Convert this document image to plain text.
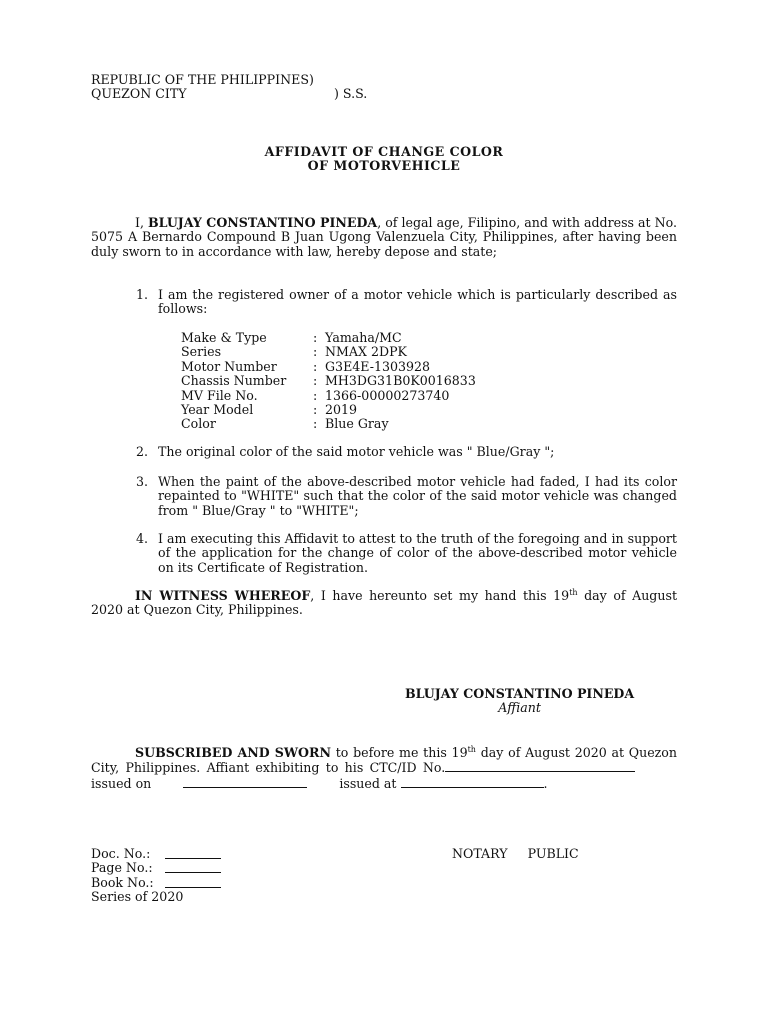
REPUBLIC OF THE PHILIPPINES)
QUEZON CITY	) S.S.
AFFIDAVIT OF CHANGE COLOR
OF MOTORVEHICLE
I, BLUJAY CONSTANTINO PINEDA, of legal age, Filipino, and with address at No. 5075 A Bernardo Compound B Juan Ugong Valenzuela City, Philippines, after having been duly sworn to in accordance with law, hereby depose and state;
1. I am the registered owner of a motor vehicle which is particularly described as follows:
Make & Type	:	Yamaha/MC
Series	:	NMAX 2DPK
Motor Number	:	G3E4E-1303928
Chassis Number	:	MH3DG31B0K0016833
MV File No.	:	1366-00000273740
Year Model	:	2019
Color	:	Blue Gray
2. The original color of the said motor vehicle was " Blue/Gray ";
3. When the paint of the above-described motor vehicle had faded, I had its color repainted to "WHITE" such that the color of the said motor vehicle was changed from " Blue/Gray " to "WHITE";
4. I am executing this Affidavit to attest to the truth of the foregoing and in support of the application for the change of color of the above-described motor vehicle on its Certificate of Registration.
IN WITNESS WHEREOF, I have hereunto set my hand this 19th day of August 2020 at Quezon City, Philippines.
BLUJAY CONSTANTINO PINEDA
Affiant
SUBSCRIBED AND SWORN to before me this 19th day of August 2020 at Quezon City, Philippines. Affiant exhibiting to his CTC/ID No.        issued on	issued at	.
Doc. No.:
Page No.:
Book No.:
Series of 2020
NOTARY     PUBLIC
